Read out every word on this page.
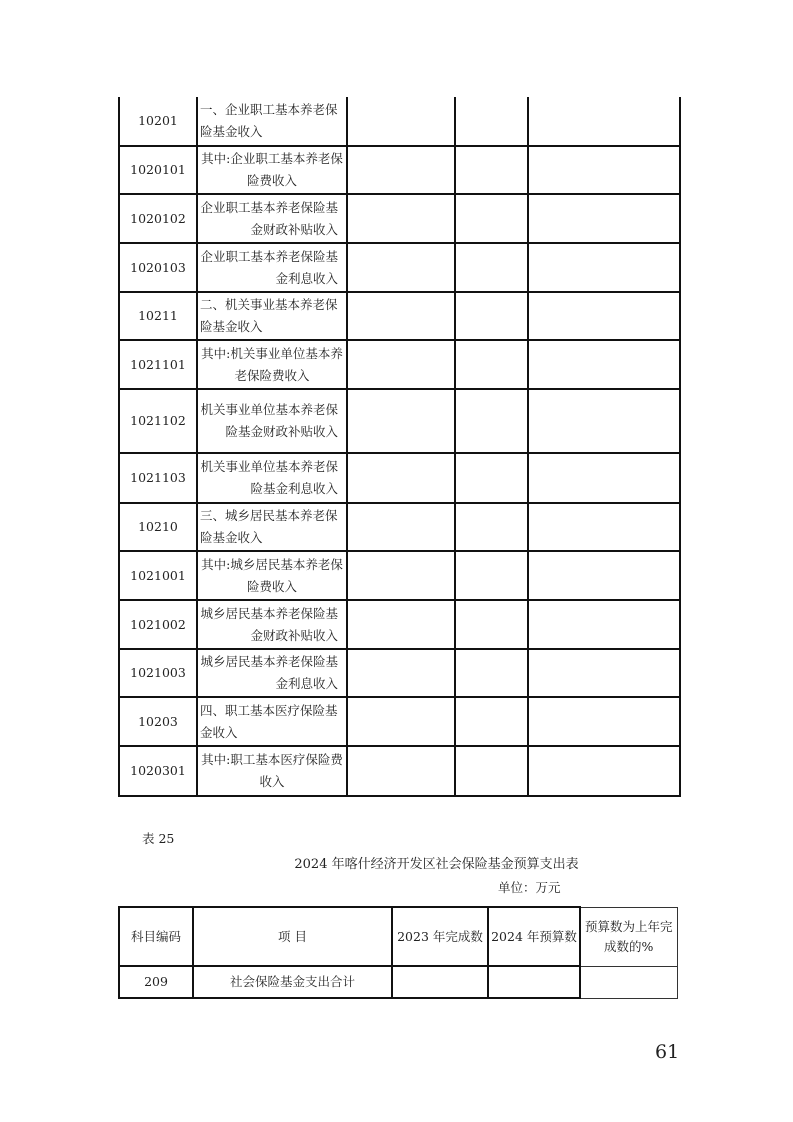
10201	一、企业职工基本养老保险基金收入			
1020101	其中:企业职工基本养老保险费收入			
1020102	企业职工基本养老保险基金财政补贴收入			
1020103	企业职工基本养老保险基金利息收入			
10211	二、机关事业基本养老保险基金收入			
1021101	其中:机关事业单位基本养老保险费收入			
1021102	机关事业单位基本养老保险基金财政补贴收入			
1021103	机关事业单位基本养老保险基金利息收入			
10210	三、城乡居民基本养老保险基金收入			
1021001	其中:城乡居民基本养老保险费收入			
1021002	城乡居民基本养老保险基金财政补贴收入			
1021003	城乡居民基本养老保险基金利息收入			
10203	四、职工基本医疗保险基金收入			
1020301	其中:职工基本医疗保险费收入			
表 25
2024 年喀什经济开发区社会保险基金预算支出表
单位：万元
科目编码	项 目	2023 年完成数	2024 年预算数	预算数为上年完成数的%
209	社会保险基金支出合计			
61
